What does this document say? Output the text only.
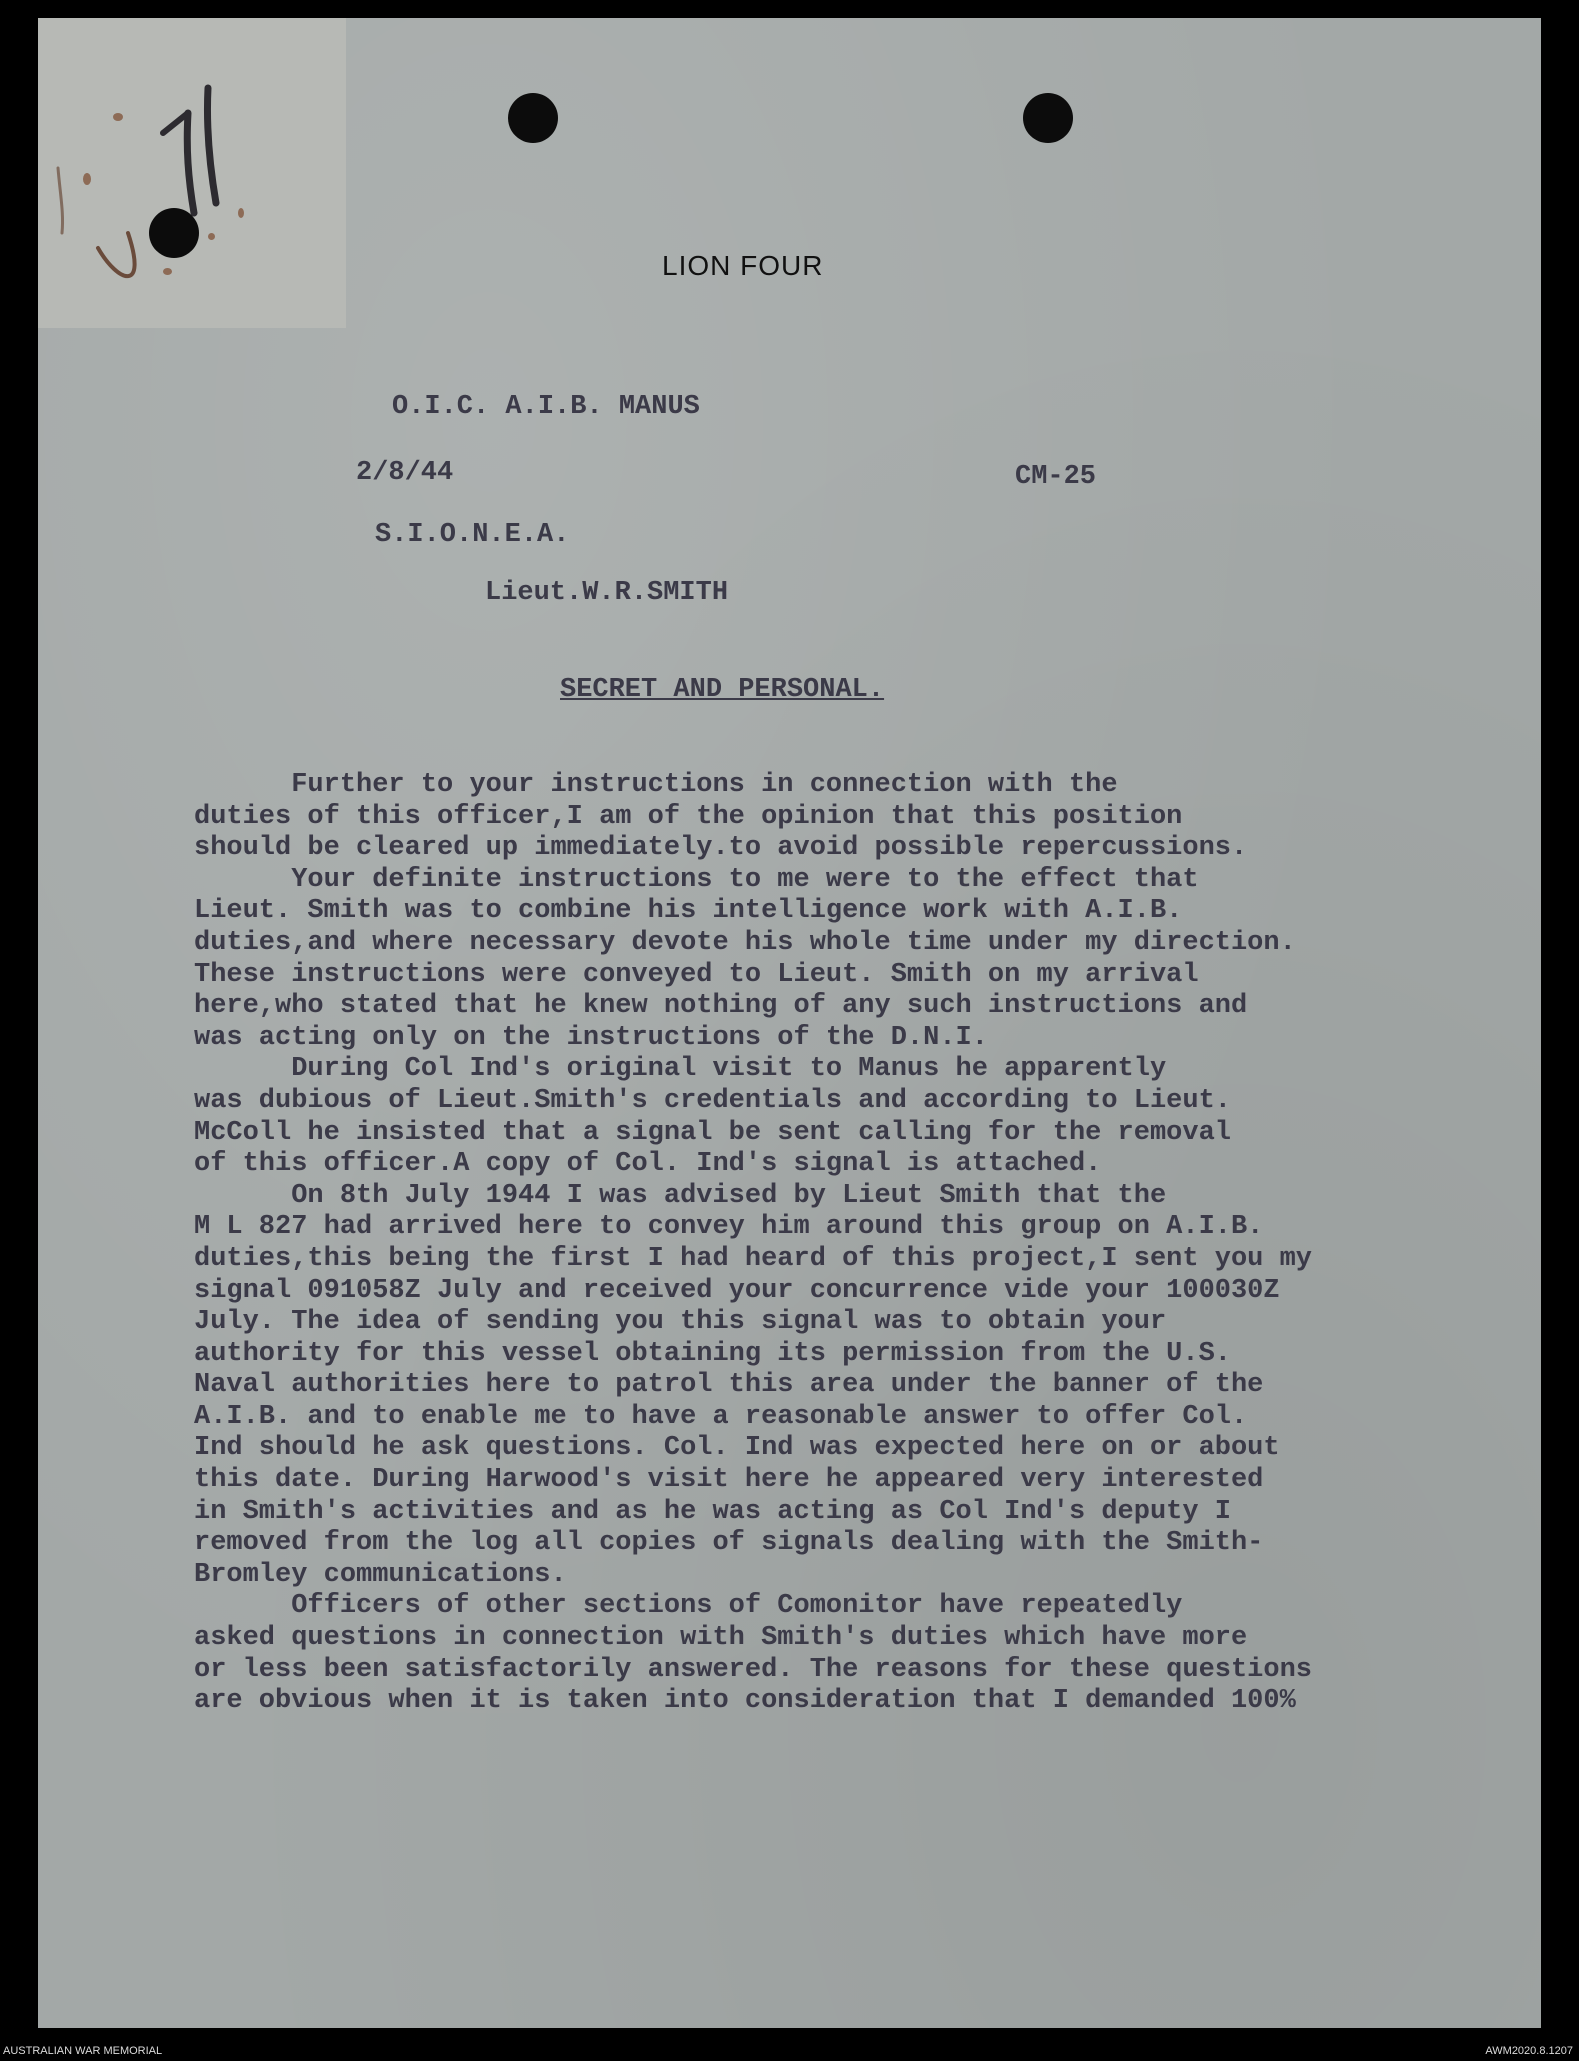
LION FOUR
O.I.C. A.I.B. MANUS
2/8/44	CM-25
S.I.O.N.E.A.
Lieut.W.R.SMITH
SECRET AND PERSONAL.
Further to your instructions in connection with the
duties of this officer,I am of the opinion that this position
should be cleared up immediately.to avoid possible repercussions.
Your definite instructions to me were to the effect that
Lieut. Smith was to combine his intelligence work with A.I.B.
duties,and where necessary devote his whole time under my direction.
These instructions were conveyed to Lieut. Smith on my arrival
here,who stated that he knew nothing of any such instructions and
was acting only on the instructions of the D.N.I.
During Col Ind's original visit to Manus he apparently
was dubious of Lieut.Smith's credentials and according to Lieut.
McColl he insisted that a signal be sent calling for the removal
of this officer.A copy of Col. Ind's signal is attached.
On 8th July 1944 I was advised by Lieut Smith that the
M L 827 had arrived here to convey him around this group on A.I.B.
duties,this being the first I had heard of this project,I sent you my
signal 091058Z July and received your concurrence vide your 100030Z
July. The idea of sending you this signal was to obtain your
authority for this vessel obtaining its permission from the U.S.
Naval authorities here to patrol this area under the banner of the
A.I.B. and to enable me to have a reasonable answer to offer Col.
Ind should he ask questions. Col. Ind was expected here on or about
this date. During Harwood's visit here he appeared very interested
in Smith's activities and as he was acting as Col Ind's deputy I
removed from the log all copies of signals dealing with the Smith-
Bromley communications.
Officers of other sections of Comonitor have repeatedly
asked questions in connection with Smith's duties which have more
or less been satisfactorily answered. The reasons for these questions
are obvious when it is taken into consideration that I demanded 100%
AUSTRALIAN WAR MEMORIAL	AWM2020.8.1207
